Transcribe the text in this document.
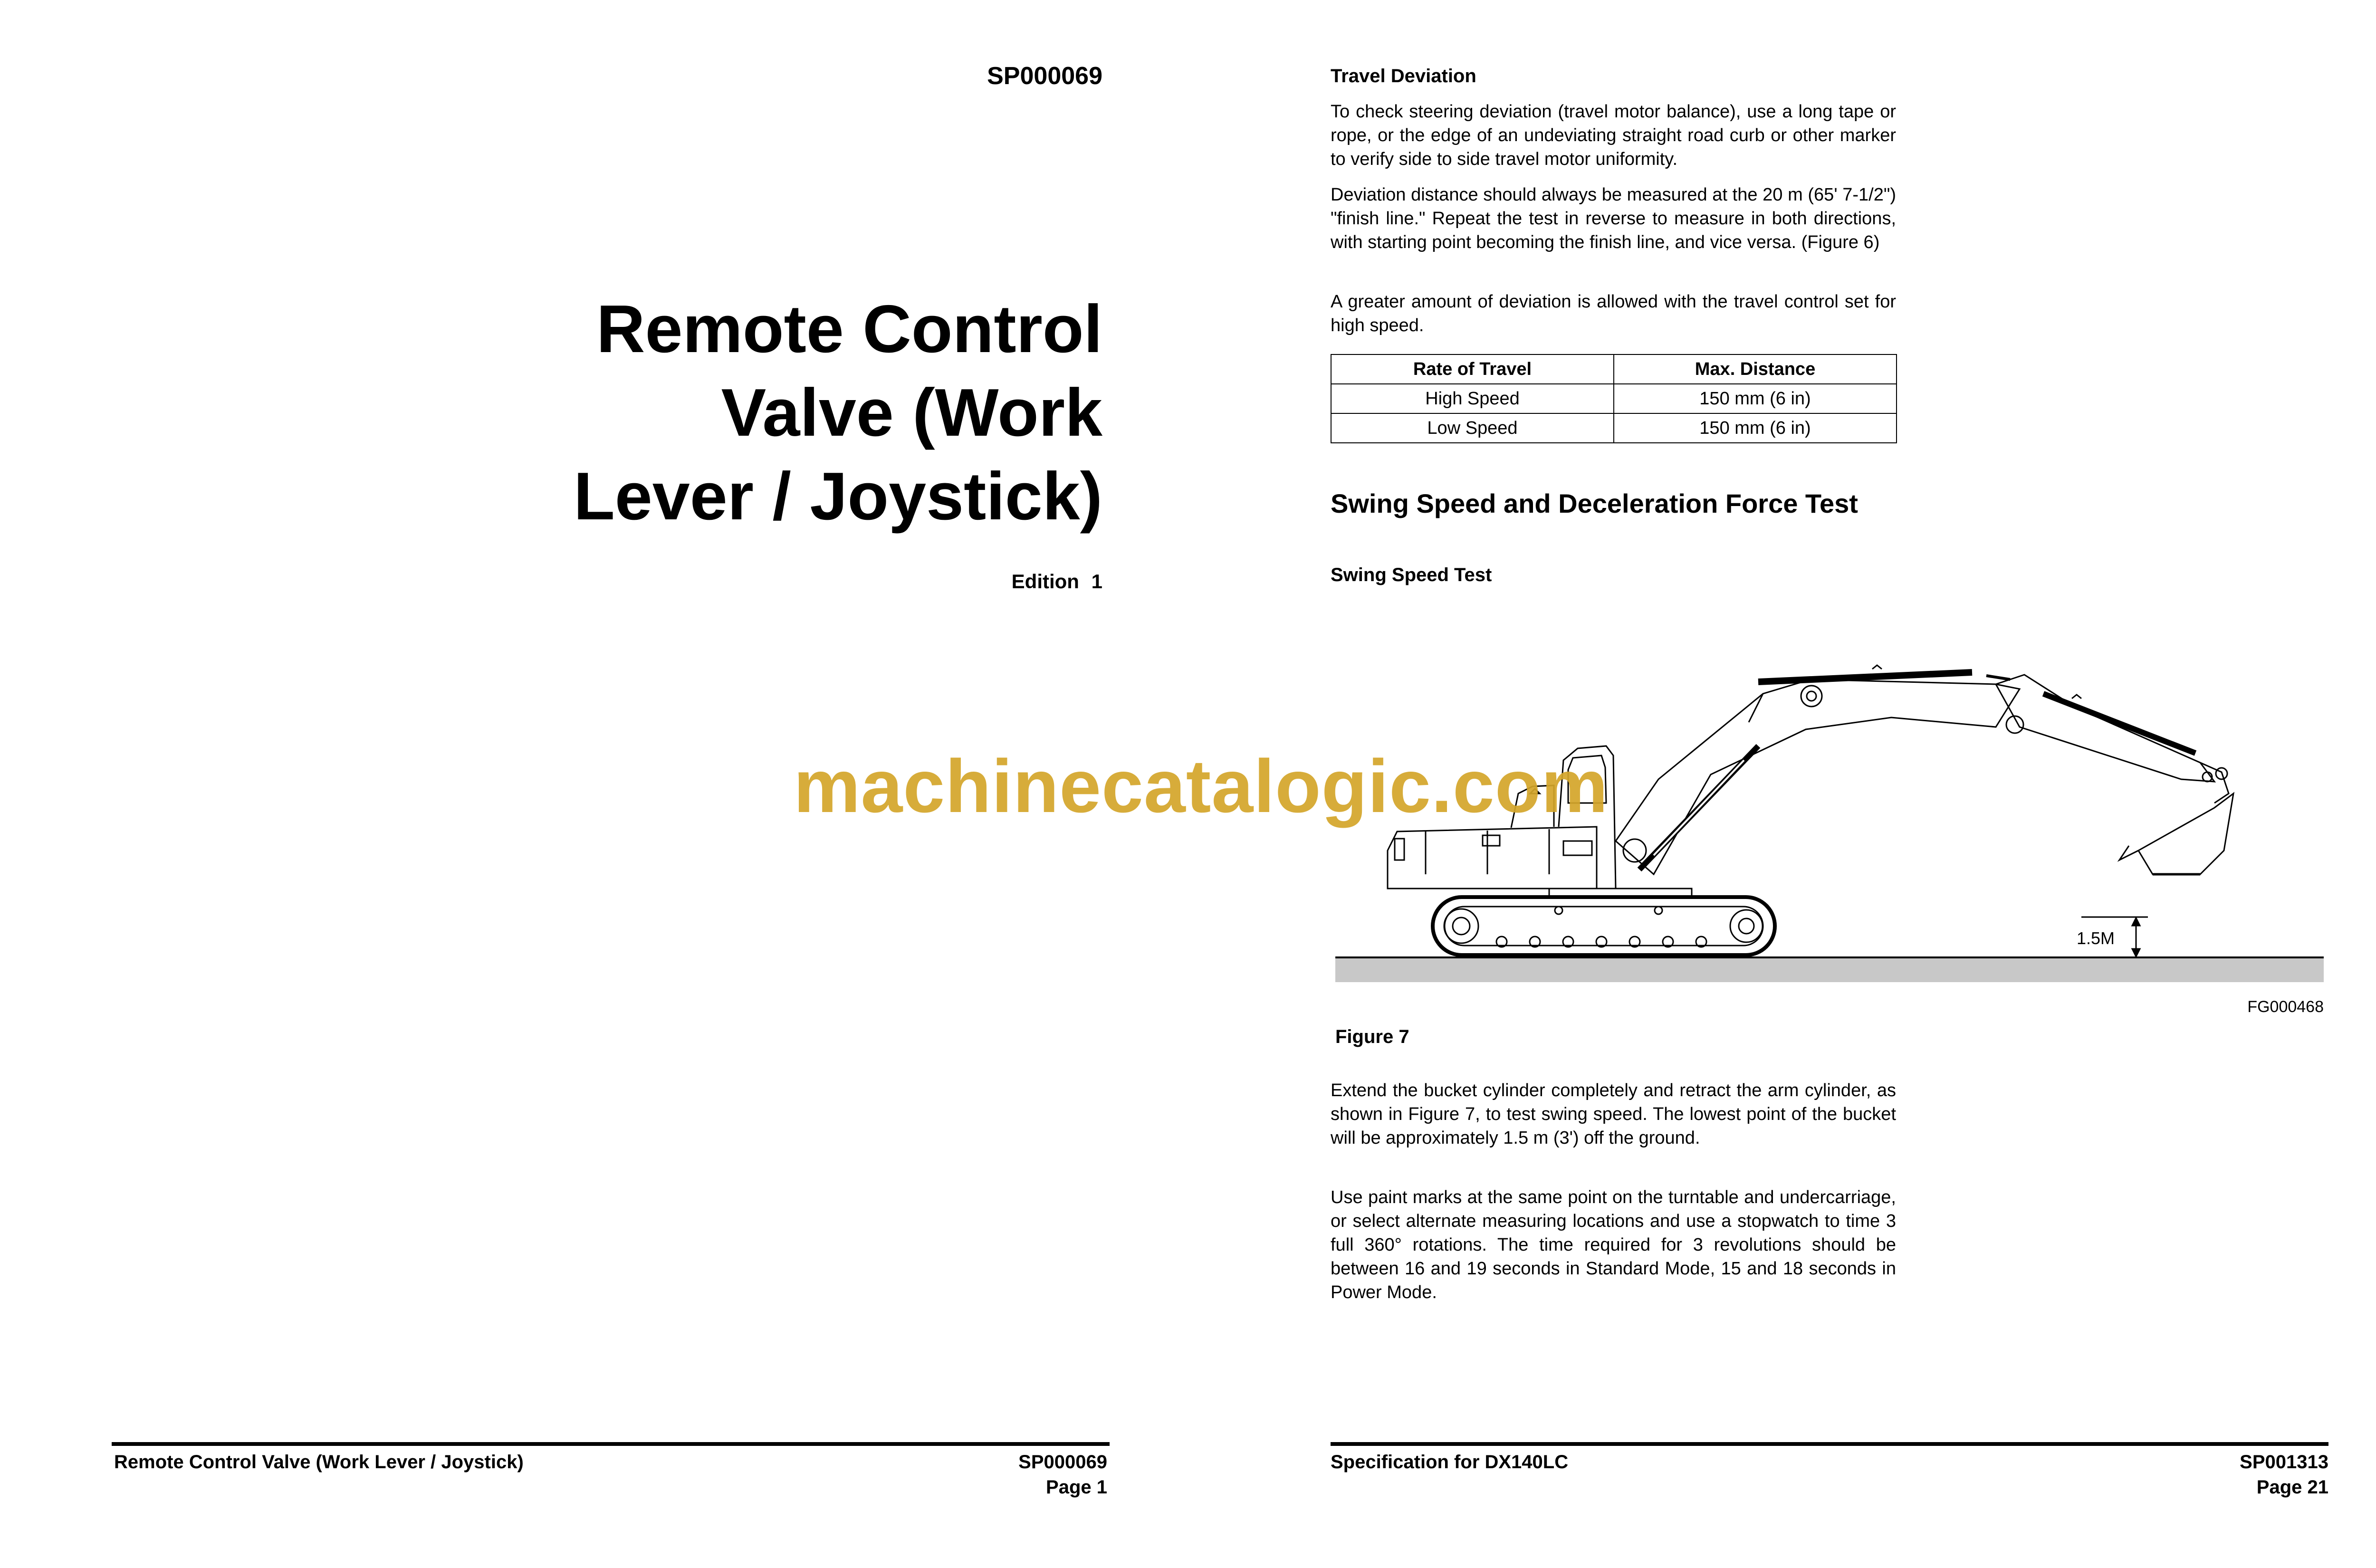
SP000069
Remote Control
Valve (Work
Lever / Joystick)
Edition 1
Remote Control Valve (Work Lever / Joystick)	SP000069
Page 1
Travel Deviation
To check steering deviation (travel motor balance), use a long tape or rope, or the edge of an undeviating straight road curb or other marker to verify side to side travel motor uniformity.
Deviation distance should always be measured at the 20 m (65' 7-1/2") "finish line." Repeat the test in reverse to measure in both directions, with starting point becoming the finish line, and vice versa. (Figure 6)
A greater amount of deviation is allowed with the travel control set for high speed.
Rate of Travel	Max. Distance
High Speed	150 mm (6 in)
Low Speed	150 mm (6 in)
Swing Speed and Deceleration Force Test
Swing Speed Test
1.5M
FG000468
Figure 7
Extend the bucket cylinder completely and retract the arm cylinder, as shown in Figure 7, to test swing speed. The lowest point of the bucket will be approximately 1.5 m (3') off the ground.
Use paint marks at the same point on the turntable and undercarriage, or select alternate measuring locations and use a stopwatch to time 3 full 360° rotations. The time required for 3 revolutions should be between 16 and 19 seconds in Standard Mode, 15 and 18 seconds in Power Mode.
Specification for DX140LC	SP001313
Page 21
machinecatalogic.com
